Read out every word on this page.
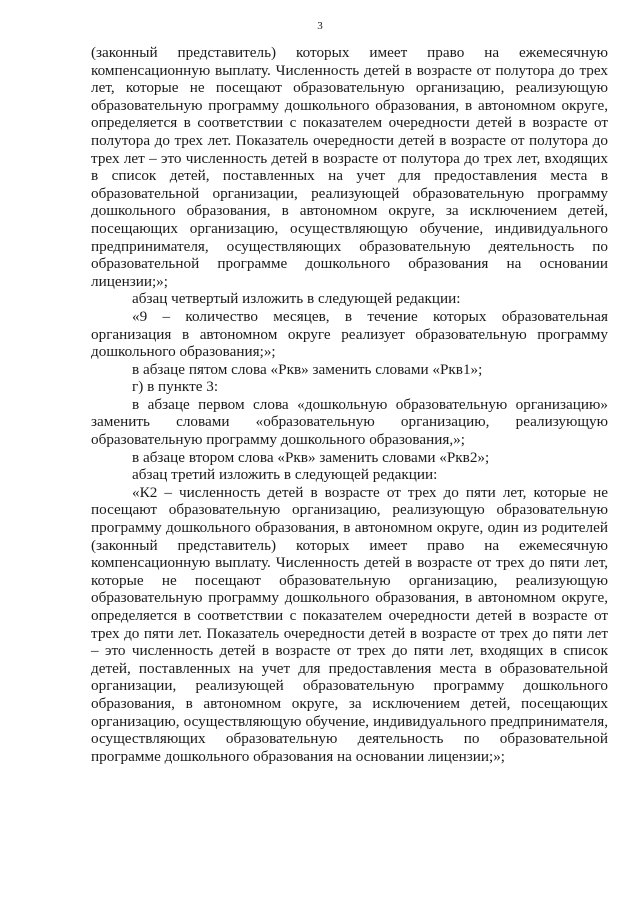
3

(законный представитель) которых имеет право на ежемесячную компенсационную выплату. Численность детей в возрасте от полутора до трех лет, которые не посещают образовательную организацию, реализующую образовательную программу дошкольного образования, в автономном округе, определяется в соответствии с показателем очередности детей в возрасте от полутора до трех лет. Показатель очередности детей в возрасте от полутора до трех лет – это численность детей в возрасте от полутора до трех лет, входящих в список детей, поставленных на учет для предоставления места в образовательной организации, реализующей образовательную программу дошкольного образования, в автономном округе, за исключением детей, посещающих организацию, осуществляющую обучение, индивидуального предпринимателя, осуществляющих образовательную деятельность по образовательной программе дошкольного образования на основании лицензии;»;

абзац четвертый изложить в следующей редакции:

«9 – количество месяцев, в течение которых образовательная организация в автономном округе реализует образовательную программу дошкольного образования;»;

в абзаце пятом слова «Ркв» заменить словами «Ркв1»;

г) в пункте 3:

в абзаце первом слова «дошкольную образовательную организацию» заменить словами «образовательную организацию, реализующую образовательную программу дошкольного образования,»;

в абзаце втором слова «Ркв» заменить словами «Ркв2»;

абзац третий изложить в следующей редакции:

«К2 – численность детей в возрасте от трех до пяти лет, которые не посещают образовательную организацию, реализующую образовательную программу дошкольного образования, в автономном округе, один из родителей (законный представитель) которых имеет право на ежемесячную компенсационную выплату. Численность детей в возрасте от трех до пяти лет, которые не посещают образовательную организацию, реализующую образовательную программу дошкольного образования, в автономном округе, определяется в соответствии с показателем очередности детей в возрасте от трех до пяти лет. Показатель очередности детей в возрасте от трех до пяти лет – это численность детей в возрасте от трех до пяти лет, входящих в список детей, поставленных на учет для предоставления места в образовательной организации, реализующей образовательную программу дошкольного образования, в автономном округе, за исключением детей, посещающих организацию, осуществляющую обучение, индивидуального предпринимателя, осуществляющих образовательную деятельность по образовательной программе дошкольного образования на основании лицензии;»;
